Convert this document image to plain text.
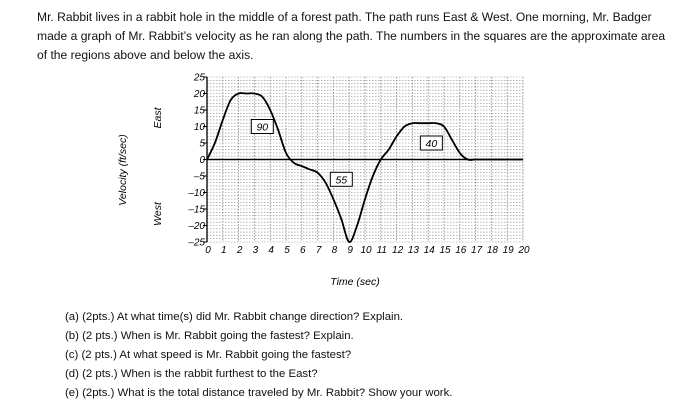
Mr. Rabbit lives in a rabbit hole in the middle of a forest path. The path runs East & West. One morning, Mr. Badger made a graph of Mr. Rabbit’s velocity as he ran along the path. The numbers in the squares are the approximate area of the regions above and below the axis.

25
20
15
10
5
0
–5
–10
–15
–20
–25
0 1 2 3 4 5 6 7 8 9 10 11 12 13 14 15 16 17 18 19 20
90
55
40
Time (sec)
Velocity (ft/sec)
East
West
(a) (2pts.) At what time(s) did Mr. Rabbit change direction? Explain.
(b) (2 pts.) When is Mr. Rabbit going the fastest? Explain.
(c) (2 pts.) At what speed is Mr. Rabbit going the fastest?
(d) (2 pts.) When is the rabbit furthest to the East?
(e) (2pts.) What is the total distance traveled by Mr. Rabbit? Show your work.
